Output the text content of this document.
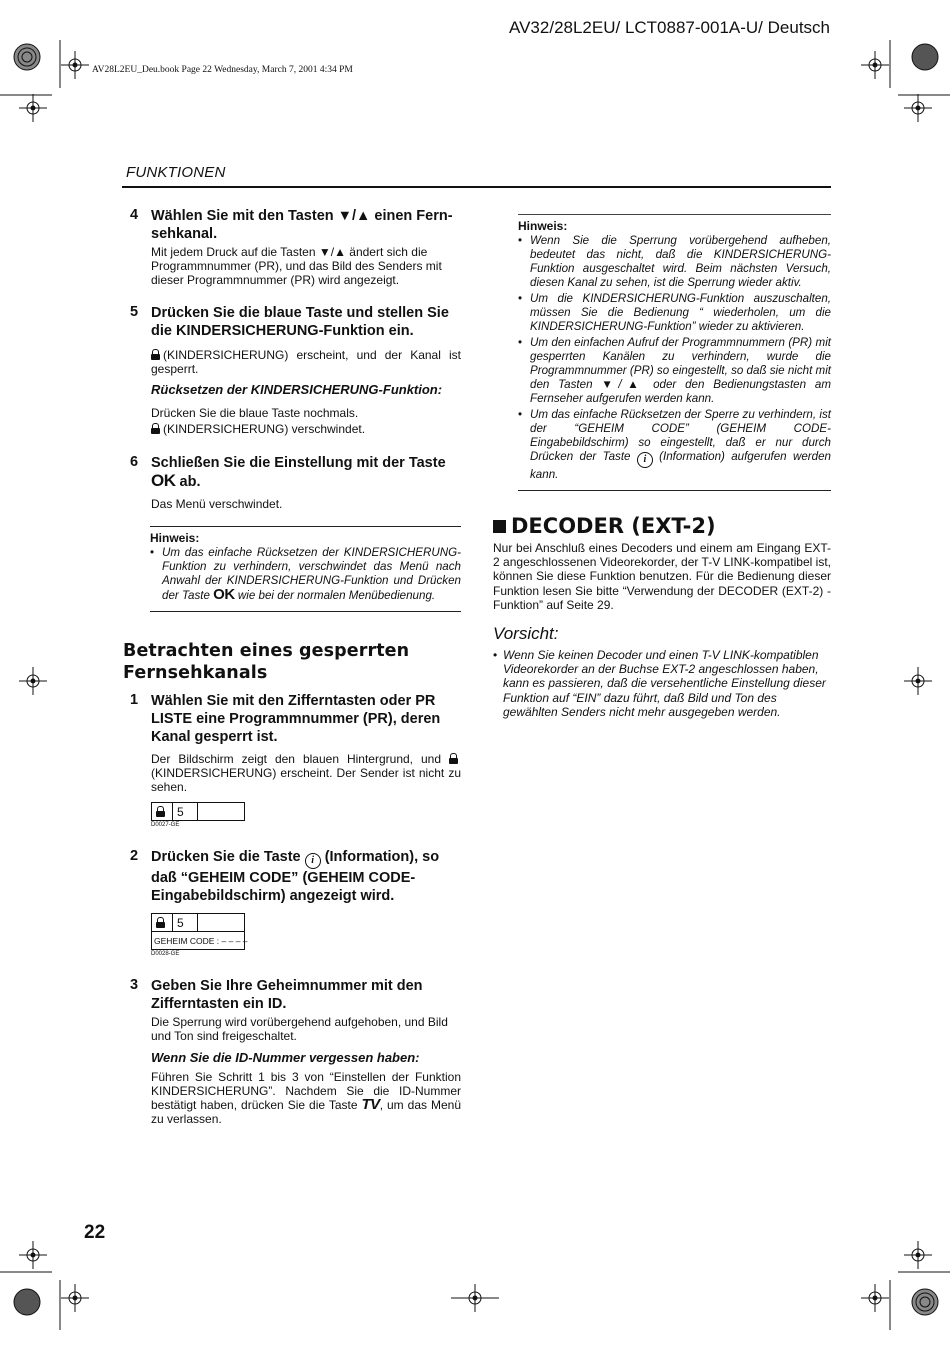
AV32/28L2EU/ LCT0887-001A-U/ Deutsch
AV28L2EU_Deu.book Page 22 Wednesday, March 7, 2001 4:34 PM
FUNKTIONEN
4 Wählen Sie mit den Tasten ▼/▲ einen Fern-
sehkanal.
Mit jedem Druck auf die Tasten ▼/▲ ändert sich die Programmnummer (PR), und das Bild des Senders mit dieser Programmnummer (PR) wird angezeigt.
5 Drücken Sie die blaue Taste und stellen Sie die KINDERSICHERUNG-Funktion ein.
(KINDERSICHERUNG) erscheint, und der Kanal ist gesperrt.
Rücksetzen der KINDERSICHERUNG-Funktion:
Drücken Sie die blaue Taste nochmals.
(KINDERSICHERUNG) verschwindet.
6 Schließen Sie die Einstellung mit der Taste
OK ab.
Das Menü verschwindet.
Hinweis:
• Um das einfache Rücksetzen der KINDERSICHERUNG-Funktion zu verhindern, verschwindet das Menü nach Anwahl der KINDERSICHERUNG-Funktion und Drücken der Taste OK wie bei der normalen Menübedienung.
Betrachten eines gesperrten Fernsehkanals
1 Wählen Sie mit den Zifferntasten oder PR LISTE eine Programmnummer (PR), deren Kanal gesperrt ist.
Der Bildschirm zeigt den blauen Hintergrund, und  (KINDERSICHERUNG) erscheint. Der Sender ist nicht zu sehen.
5
D0027-GE
2 Drücken Sie die Taste i (Information), so daß “GEHEIM CODE” (GEHEIM CODE-Eingabebildschirm) angezeigt wird.
5
GEHEIM CODE : – – – –
D0028-GE
3 Geben Sie Ihre Geheimnummer mit den Zifferntasten ein ID.
Die Sperrung wird vorübergehend aufgehoben, und Bild und Ton sind freigeschaltet.
Wenn Sie die ID-Nummer vergessen haben:
Führen Sie Schritt 1 bis 3 von “Einstellen der Funktion KINDERSICHERUNG”. Nachdem Sie die ID-Nummer bestätigt haben, drücken Sie die Taste TV, um das Menü zu verlassen.
Hinweis:
• Wenn Sie die Sperrung vorübergehend aufheben, bedeutet das nicht, daß die KINDERSICHERUNG-Funktion ausgeschaltet wird. Beim nächsten Versuch, diesen Kanal zu sehen, ist die Sperrung wieder aktiv.
• Um die KINDERSICHERUNG-Funktion auszuschalten, müssen Sie die Bedienung “ wiederholen, um die KINDERSICHERUNG-Funktion” wieder zu aktivieren.
• Um den einfachen Aufruf der Programmnummern (PR) mit gesperrten Kanälen zu verhindern, wurde die Programmnummer (PR) so eingestellt, so daß sie nicht mit den Tasten ▼/▲ oder den Bedienungstasten am Fernseher aufgerufen werden kann.
• Um das einfache Rücksetzen der Sperre zu verhindern, ist der “GEHEIM CODE” (GEHEIM CODE-Eingabebildschirm) so eingestellt, daß er nur durch Drücken der Taste i (Information) aufgerufen werden kann.
DECODER (EXT-2)
Nur bei Anschluß eines Decoders und einem am Eingang EXT-2 angeschlossenen Videorekorder, der T-V LINK-kompatibel ist, können Sie diese Funktion benutzen. Für die Bedienung dieser Funktion lesen Sie bitte “Verwendung der DECODER (EXT-2) -Funktion” auf Seite 29.
Vorsicht:
• Wenn Sie keinen Decoder und einen T-V LINK-kompatiblen Videorekorder an der Buchse EXT-2 angeschlossen haben, kann es passieren, daß die versehentliche Einstellung dieser Funktion auf “EIN” dazu führt, daß Bild und Ton des gewählten Senders nicht mehr ausgegeben werden.
22
